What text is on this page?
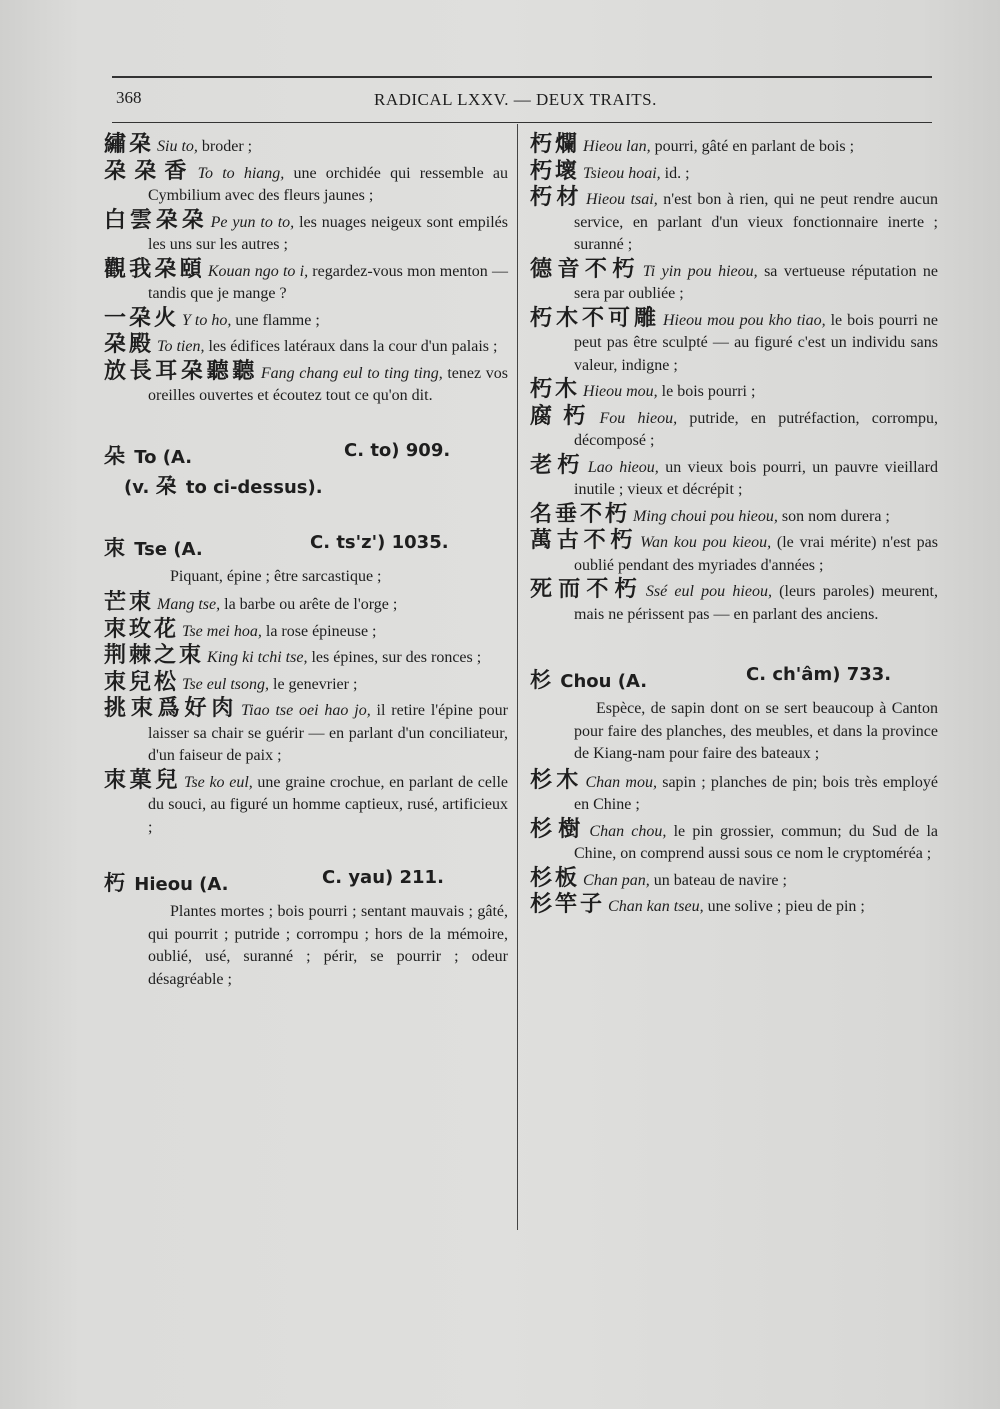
368	RADICAL LXXV. — DEUX TRAITS.
繡朶 Siu to, broder ;
朶朶香 To to hiang, une orchidée qui ressemble au Cymbilium avec des fleurs jaunes ;
白雲朶朶 Pe yun to to, les nuages neigeux sont empilés les uns sur les autres ;
觀我朶頤 Kouan ngo to i, regardez-vous mon menton — tandis que je mange ?
一朶火 Y to ho, une flamme ;
朶殿 To tien, les édifices latéraux dans la cour d'un palais ;
放長耳朶聽聽 Fang chang eul to ting ting, tenez vos oreilles ouvertes et écoutez tout ce qu'on dit.
朵 To (A.	C. to) 909.
(v. 朶 to ci-dessus).
朿 Tse (A.	C. ts'z') 1035.
Piquant, épine ; être sarcastique ;
芒朿 Mang tse, la barbe ou arête de l'orge ;
朿玫花 Tse mei hoa, la rose épineuse ;
荆棘之朿 King ki tchi tse, les épines, sur des ronces ;
朿兒松 Tse eul tsong, le genevrier ;
挑朿爲好肉 Tiao tse oei hao jo, il retire l'épine pour laisser sa chair se guérir — en parlant d'un conciliateur, d'un faiseur de paix ;
朿菓兒 Tse ko eul, une graine crochue, en parlant de celle du souci, au figuré un homme captieux, rusé, artificieux ;
朽 Hieou (A.	C. yau) 211.
Plantes mortes ; bois pourri ; sentant mauvais ; gâté, qui pourrit ; putride ; corrompu ; hors de la mémoire, oublié, usé, suranné ; périr, se pourrir ; odeur désagréable ;
朽爛 Hieou lan, pourri, gâté en parlant de bois ;
朽壞 Tsieou hoai, id. ;
朽材 Hieou tsai, n'est bon à rien, qui ne peut rendre aucun service, en parlant d'un vieux fonctionnaire inerte ; suranné ;
德音不朽 Ti yin pou hieou, sa vertueuse réputation ne sera par oubliée ;
朽木不可雕 Hieou mou pou kho tiao, le bois pourri ne peut pas être sculpté — au figuré c'est un individu sans valeur, indigne ;
朽木 Hieou mou, le bois pourri ;
腐朽 Fou hieou, putride, en putréfaction, corrompu, décomposé ;
老朽 Lao hieou, un vieux bois pourri, un pauvre vieillard inutile ; vieux et décrépit ;
名垂不朽 Ming choui pou hieou, son nom durera ;
萬古不朽 Wan kou pou kieou, (le vrai mérite) n'est pas oublié pendant des myriades d'années ;
死而不朽 Ssé eul pou hieou, (leurs paroles) meurent, mais ne périssent pas — en parlant des anciens.
杉 Chou (A.	C. ch'âm) 733.
Espèce, de sapin dont on se sert beaucoup à Canton pour faire des planches, des meubles, et dans la province de Kiang-nam pour faire des bateaux ;
杉木 Chan mou, sapin ; planches de pin; bois très employé en Chine ;
杉樹 Chan chou, le pin grossier, commun; du Sud de la Chine, on comprend aussi sous ce nom le cryptoméréa ;
杉板 Chan pan, un bateau de navire ;
杉竿子 Chan kan tseu, une solive ; pieu de pin ;
